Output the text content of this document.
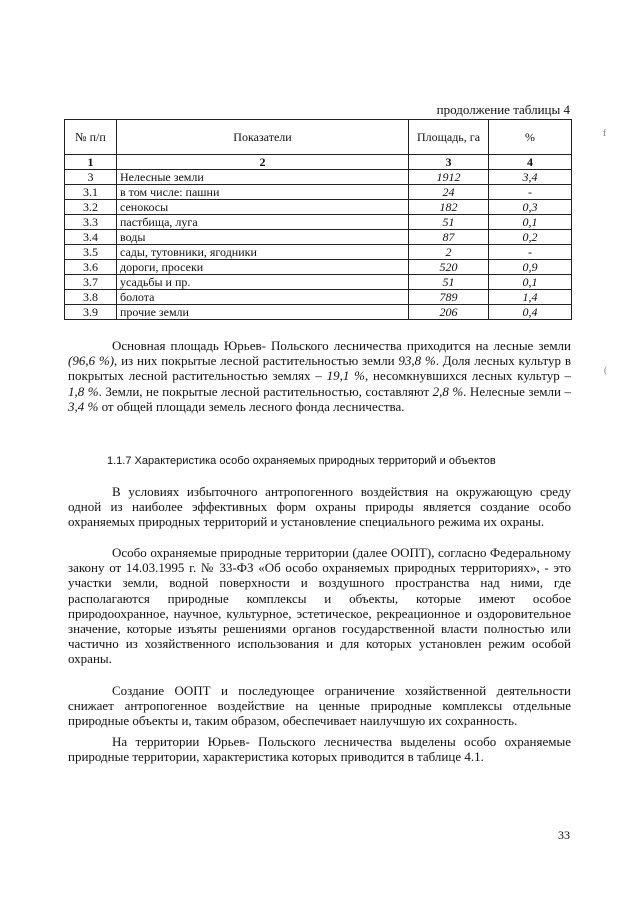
продолжение таблицы 4
№ п/п	Показатели	Площадь, га	%
1	2	3	4
3	Нелесные земли	1912	3,4
3.1	в том числе: пашни	24	-
3.2	сенокосы	182	0,3
3.3	пастбища, луга	51	0,1
3.4	воды	87	0,2
3.5	сады, тутовники, ягодники	2	-
3.6	дороги, просеки	520	0,9
3.7	усадьбы и пр.	51	0,1
3.8	болота	789	1,4
3.9	прочие земли	206	0,4

Основная площадь Юрьев- Польского лесничества приходится на лесные земли (96,6 %), из них покрытые лесной растительностью земли 93,8 %. Доля лесных культур в покрытых лесной растительностью землях – 19,1 %, несомкнувшихся лесных культур – 1,8 %. Земли, не покрытые лесной растительностью, составляют 2,8 %. Нелесные земли – 3,4 % от общей площади земель лесного фонда лесничества.

1.1.7 Характеристика особо охраняемых природных территорий и объектов

В условиях избыточного антропогенного воздействия на окружающую среду одной из наиболее эффективных форм охраны природы является создание особо охраняемых природных территорий и установление специального режима их охраны.

Особо охраняемые природные территории (далее ООПТ), согласно Федеральному закону от 14.03.1995 г. № 33-ФЗ «Об особо охраняемых природных территориях», - это участки земли, водной поверхности и воздушного пространства над ними, где располагаются природные комплексы и объекты, которые имеют особое природоохранное, научное, культурное, эстетическое, рекреационное и оздоровительное значение, которые изъяты решениями органов государственной власти полностью или частично из хозяйственного использования и для которых установлен режим особой охраны.

Создание ООПТ и последующее ограничение хозяйственной деятельности снижает антропогенное воздействие на ценные природные комплексы отдельные природные объекты и, таким образом, обеспечивает наилучшую их сохранность.

На территории Юрьев- Польского лесничества выделены особо охраняемые природные территории, характеристика которых приводится в таблице 4.1.

33
f
(
